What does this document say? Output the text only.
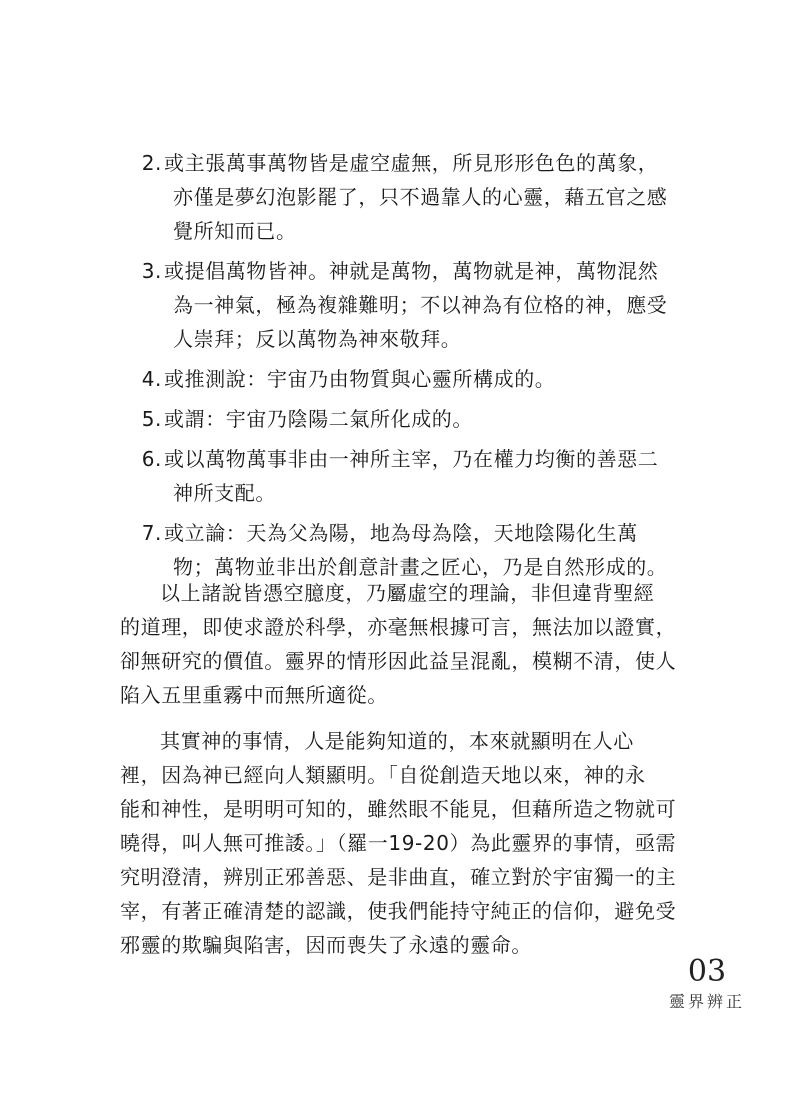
2. 或主張萬事萬物皆是虛空虛無，所見形形色色的萬象，
亦僅是夢幻泡影罷了，只不過靠人的心靈，藉五官之感
覺所知而已。
3. 或提倡萬物皆神。神就是萬物，萬物就是神，萬物混然
為一神氣，極為複雜難明；不以神為有位格的神，應受
人崇拜；反以萬物為神來敬拜。
4. 或推測說：宇宙乃由物質與心靈所構成的。
5. 或謂：宇宙乃陰陽二氣所化成的。
6. 或以萬物萬事非由一神所主宰，乃在權力均衡的善惡二
神所支配。
7. 或立論：天為父為陽，地為母為陰，天地陰陽化生萬
物；萬物並非出於創意計畫之匠心，乃是自然形成的。
以上諸說皆憑空臆度，乃屬虛空的理論，非但違背聖經
的道理，即使求證於科學，亦毫無根據可言，無法加以證實，
卻無研究的價值。靈界的情形因此益呈混亂，模糊不清，使人
陷入五里重霧中而無所適從。
其實神的事情，人是能夠知道的，本來就顯明在人心
裡，因為神已經向人類顯明。「自從創造天地以來，神的永
能和神性，是明明可知的，雖然眼不能見，但藉所造之物就可
曉得，叫人無可推諉。」（羅一19-20）為此靈界的事情，亟需
究明澄清，辨別正邪善惡、是非曲直，確立對於宇宙獨一的主
宰，有著正確清楚的認識，使我們能持守純正的信仰，避免受
邪靈的欺騙與陷害，因而喪失了永遠的靈命。
03
靈界辨正
